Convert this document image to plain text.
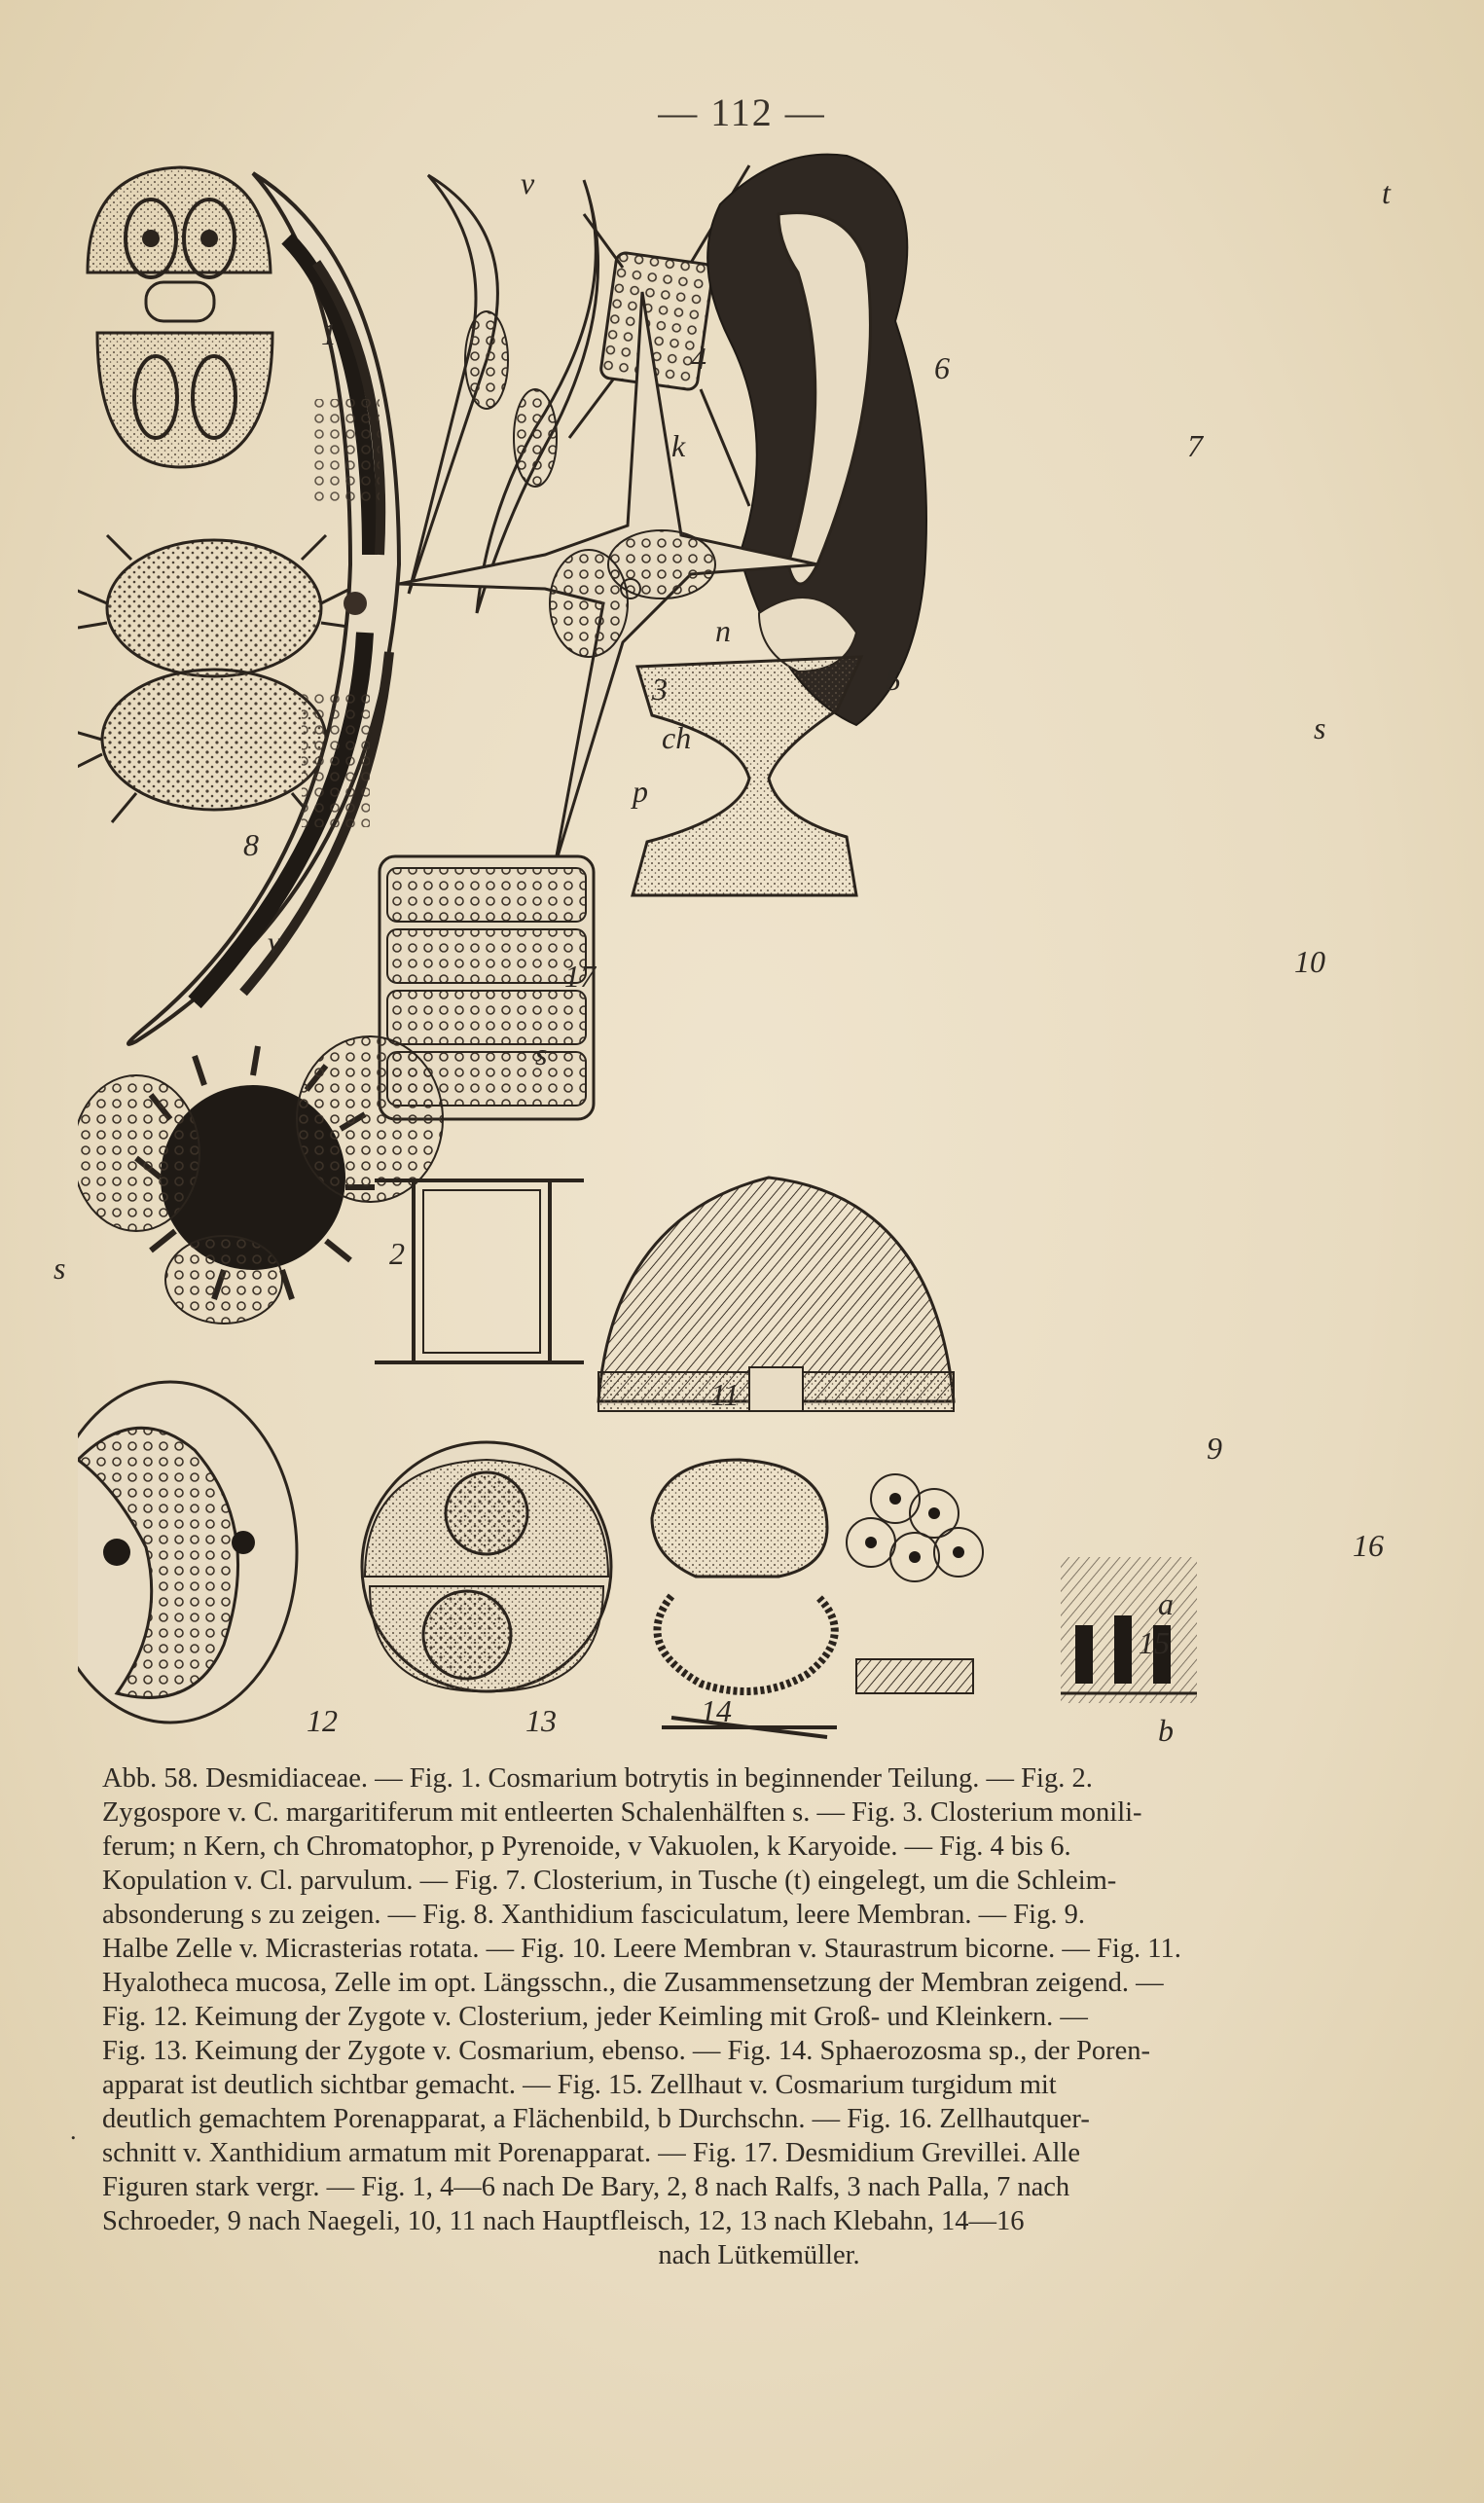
— 112 —
1
2
3
4
5
6
7
8
9
10
11
12	13	14
15
16
17
v
k
n
ch
p
v
t
s
s
s
a
b
.

Abb. 58. Desmidiaceae. — Fig. 1. Cosmarium botrytis in beginnender Teilung. — Fig. 2.

Zygospore v. C. margaritiferum mit entleerten Schalenhälften s. — Fig. 3. Closterium monili-

ferum; n Kern, ch Chromatophor, p Pyrenoide, v Vakuolen, k Karyoide. — Fig. 4 bis 6.

Kopulation v. Cl. parvulum. — Fig. 7. Closterium, in Tusche (t) eingelegt, um die Schleim-

absonderung s zu zeigen. — Fig. 8. Xanthidium fasciculatum, leere Membran. — Fig. 9.

Halbe Zelle v. Micrasterias rotata. — Fig. 10. Leere Membran v. Staurastrum bicorne. — Fig. 11.

Hyalotheca mucosa, Zelle im opt. Längsschn., die Zusammensetzung der Membran zeigend. —

Fig. 12. Keimung der Zygote v. Closterium, jeder Keimling mit Groß- und Kleinkern. —

Fig. 13. Keimung der Zygote v. Cosmarium, ebenso. — Fig. 14. Sphaerozosma sp., der Poren-

apparat ist deutlich sichtbar gemacht. — Fig. 15. Zellhaut v. Cosmarium turgidum mit

deutlich gemachtem Porenapparat, a Flächenbild, b Durchschn. — Fig. 16. Zellhautquer-

schnitt v. Xanthidium armatum mit Porenapparat. — Fig. 17. Desmidium Grevillei. Alle

Figuren stark vergr. — Fig. 1, 4—6 nach De Bary, 2, 8 nach Ralfs, 3 nach Palla, 7 nach

Schroeder, 9 nach Naegeli, 10, 11 nach Hauptfleisch, 12, 13 nach Klebahn, 14—16

nach Lütkemüller.
